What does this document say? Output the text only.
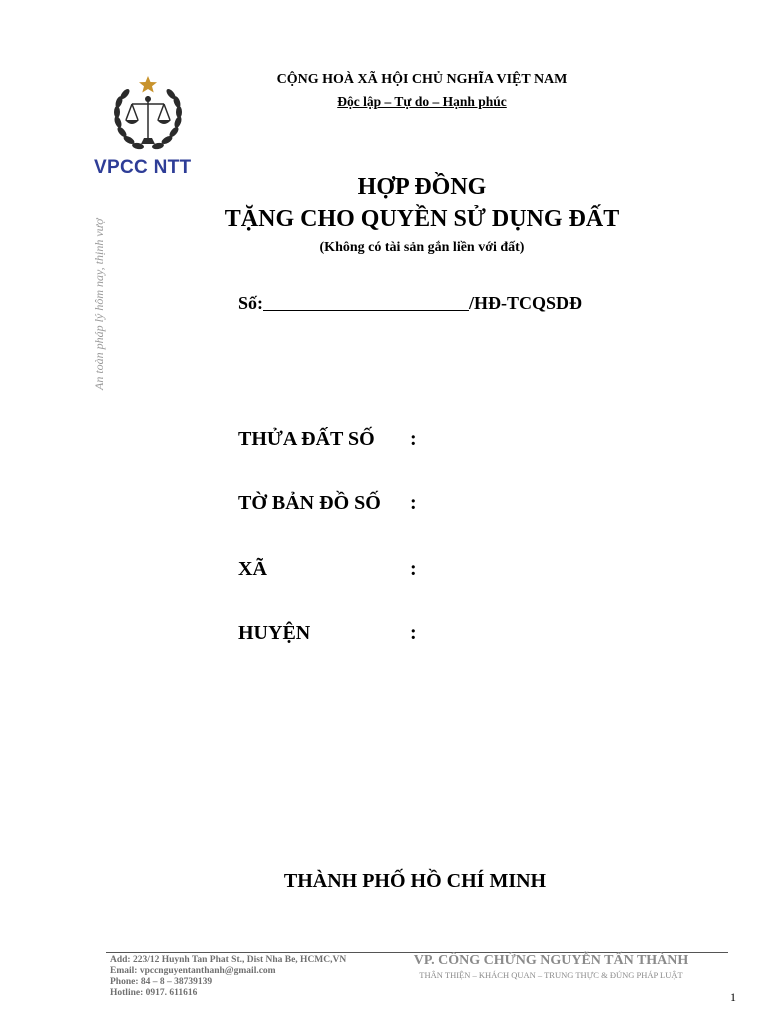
VPCC NTT
An toàn pháp lý hôm nay, thịnh vượ
CỘNG HOÀ XÃ HỘI CHỦ NGHĨA VIỆT NAM
Độc lập – Tự do – Hạnh phúc
HỢP ĐỒNG
TẶNG CHO QUYỀN SỬ DỤNG ĐẤT
(Không có tài sản gắn liền với đất)
Số:	/HĐ-TCQSDĐ
THỬA ĐẤT SỐ :
TỜ BẢN ĐỒ SỐ :
XÃ	:
HUYỆN	:
THÀNH PHỐ HỒ CHÍ MINH
Add: 223/12 Huynh Tan Phat St., Dist Nha Be, HCMC,VN
Email: vpccnguyentanthanh@gmail.com
Phone: 84 – 8 – 38739139
Hotline: 0917. 611616
VP. CÔNG CHỨNG NGUYỄN TẤN THÀNH
THÂN THIỆN – KHÁCH QUAN – TRUNG THỰC & ĐÚNG PHÁP LUẬT
1
